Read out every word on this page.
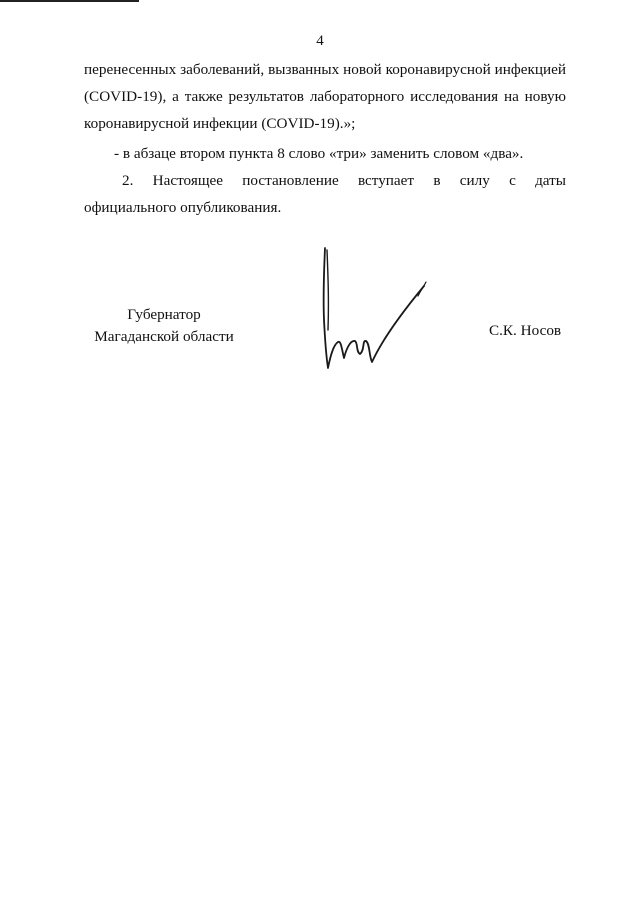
4
перенесенных заболеваний, вызванных новой коронавирусной инфекцией
(COVID-19), а также результатов лабораторного исследования на новую
коронавирусной инфекции (COVID-19).»;
- в абзаце втором пункта 8 слово «три» заменить словом «два».
2. Настоящее постановление вступает в силу с даты
официального опубликования.
Губернатор
Магаданской области	С.К. Носов
